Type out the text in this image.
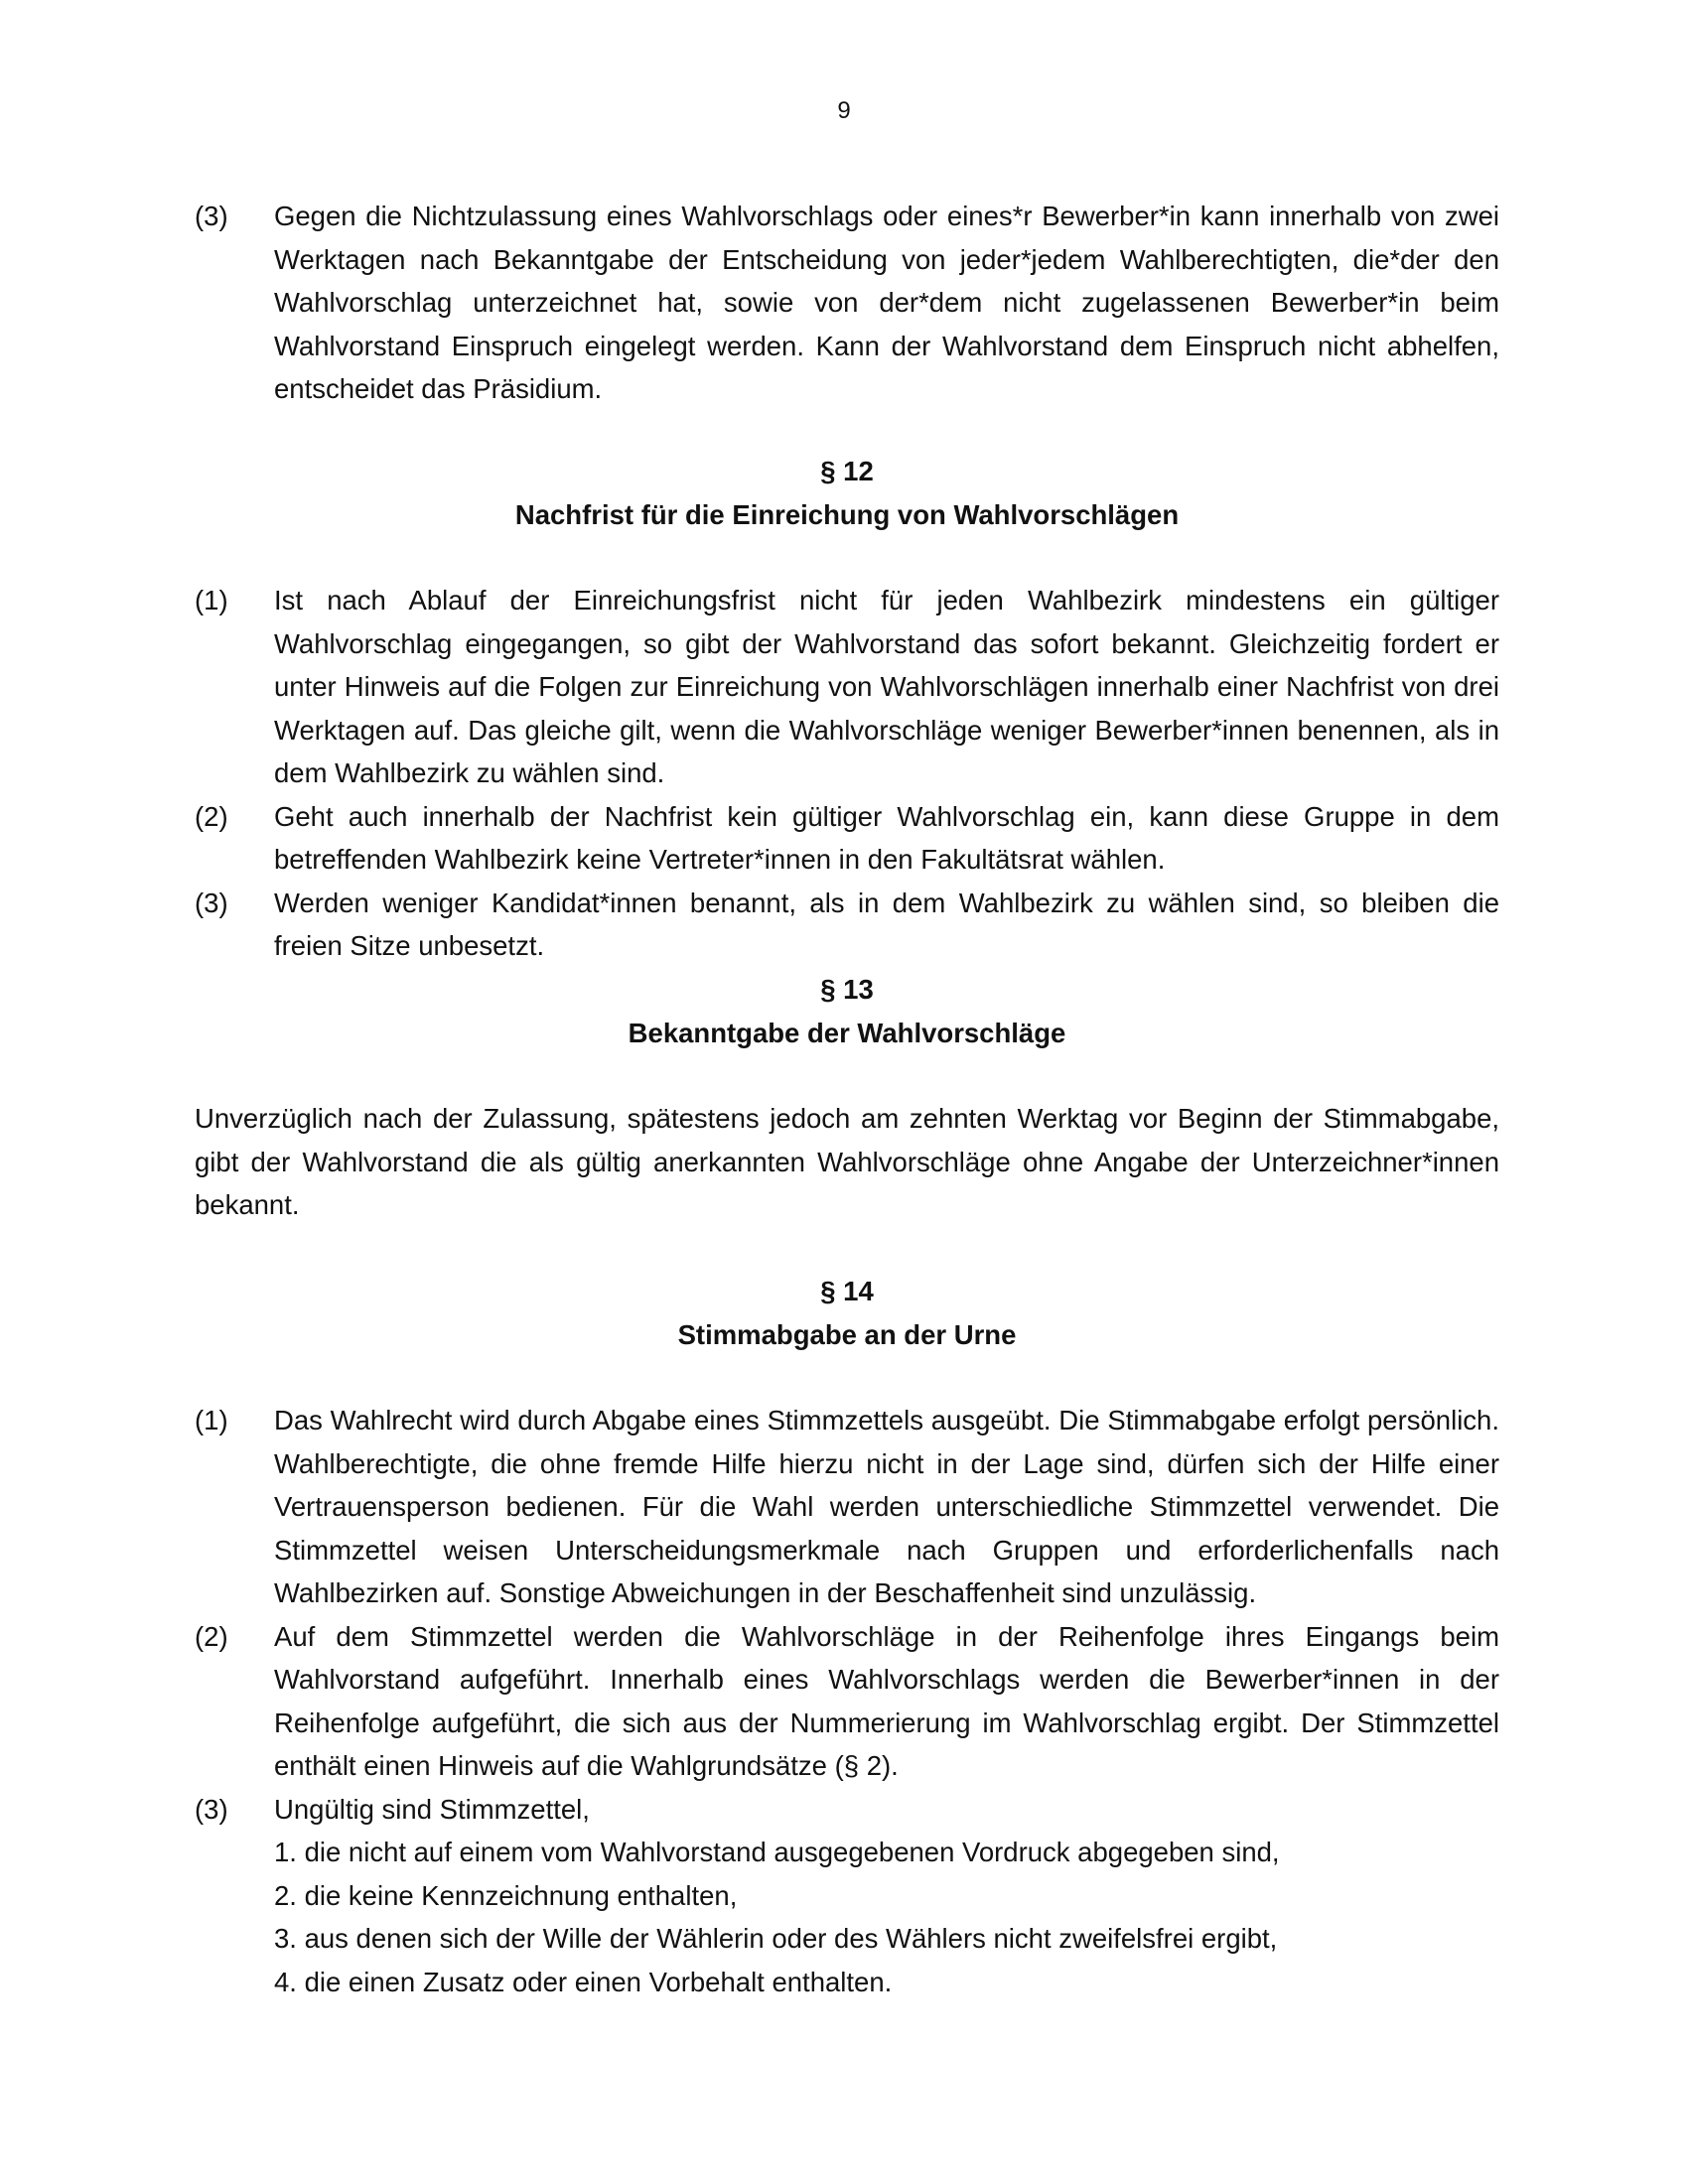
9
(3) Gegen die Nichtzulassung eines Wahlvorschlags oder eines*r Bewerber*in kann innerhalb von zwei Werktagen nach Bekanntgabe der Entscheidung von jeder*jedem Wahlberechtigten, die*der den Wahlvorschlag unterzeichnet hat, sowie von der*dem nicht zugelassenen Bewerber*in beim Wahlvorstand Einspruch eingelegt werden. Kann der Wahlvorstand dem Einspruch nicht abhelfen, entscheidet das Präsidium.
§ 12
Nachfrist für die Einreichung von Wahlvorschlägen
(1) Ist nach Ablauf der Einreichungsfrist nicht für jeden Wahlbezirk mindestens ein gültiger Wahlvorschlag eingegangen, so gibt der Wahlvorstand das sofort bekannt. Gleichzeitig fordert er unter Hinweis auf die Folgen zur Einreichung von Wahlvorschlägen innerhalb einer Nachfrist von drei Werktagen auf. Das gleiche gilt, wenn die Wahlvorschläge weniger Bewerber*innen benennen, als in dem Wahlbezirk zu wählen sind.
(2) Geht auch innerhalb der Nachfrist kein gültiger Wahlvorschlag ein, kann diese Gruppe in dem betreffenden Wahlbezirk keine Vertreter*innen in den Fakultätsrat wählen.
(3) Werden weniger Kandidat*innen benannt, als in dem Wahlbezirk zu wählen sind, so bleiben die freien Sitze unbesetzt.
§ 13
Bekanntgabe der Wahlvorschläge
Unverzüglich nach der Zulassung, spätestens jedoch am zehnten Werktag vor Beginn der Stimmabgabe, gibt der Wahlvorstand die als gültig anerkannten Wahlvorschläge ohne Angabe der Unterzeichner*innen bekannt.
§ 14
Stimmabgabe an der Urne
(1) Das Wahlrecht wird durch Abgabe eines Stimmzettels ausgeübt. Die Stimmabgabe erfolgt persönlich. Wahlberechtigte, die ohne fremde Hilfe hierzu nicht in der Lage sind, dürfen sich der Hilfe einer Vertrauensperson bedienen. Für die Wahl werden unterschiedliche Stimmzettel verwendet. Die Stimmzettel weisen Unterscheidungsmerkmale nach Gruppen und erforderlichenfalls nach Wahlbezirken auf. Sonstige Abweichungen in der Beschaffenheit sind unzulässig.
(2) Auf dem Stimmzettel werden die Wahlvorschläge in der Reihenfolge ihres Eingangs beim Wahlvorstand aufgeführt. Innerhalb eines Wahlvorschlags werden die Bewerber*innen in der Reihenfolge aufgeführt, die sich aus der Nummerierung im Wahlvorschlag ergibt. Der Stimmzettel enthält einen Hinweis auf die Wahlgrundsätze (§ 2).
(3) Ungültig sind Stimmzettel,
1. die nicht auf einem vom Wahlvorstand ausgegebenen Vordruck abgegeben sind,
2. die keine Kennzeichnung enthalten,
3. aus denen sich der Wille der Wählerin oder des Wählers nicht zweifelsfrei ergibt,
4. die einen Zusatz oder einen Vorbehalt enthalten.
